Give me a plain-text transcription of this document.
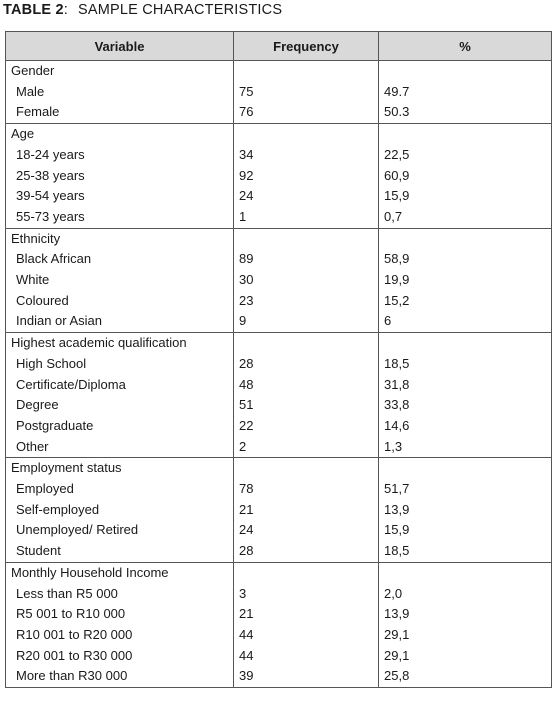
TABLE 2: SAMPLE CHARACTERISTICS
Variable	Frequency	%
Gender		
Male	75	49.7
Female	76	50.3
Age		
18-24 years	34	22,5
25-38 years	92	60,9
39-54 years	24	15,9
55-73 years	1	0,7
Ethnicity		
Black African	89	58,9
White	30	19,9
Coloured	23	15,2
Indian or Asian	9	6
Highest academic qualification		
High School	28	18,5
Certificate/Diploma	48	31,8
Degree	51	33,8
Postgraduate	22	14,6
Other	2	1,3
Employment status		
Employed	78	51,7
Self-employed	21	13,9
Unemployed/ Retired	24	15,9
Student	28	18,5
Monthly Household Income		
Less than R5 000	3	2,0
R5 001 to R10 000	21	13,9
R10 001 to R20 000	44	29,1
R20 001 to R30 000	44	29,1
More than R30 000	39	25,8
